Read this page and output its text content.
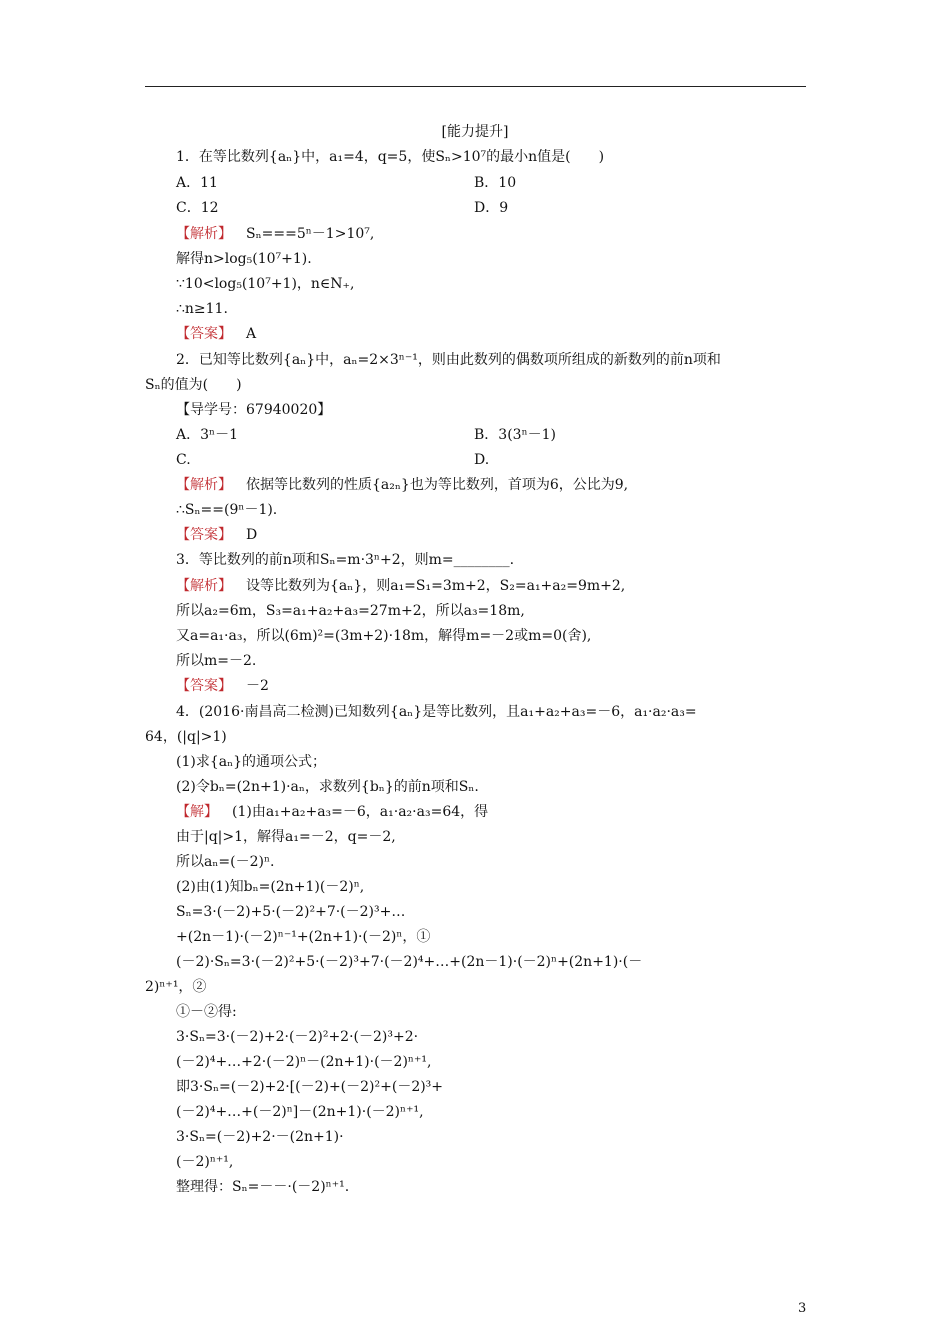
[能力提升]
1．在等比数列{aₙ}中，a₁=4，q=5，使Sₙ>10⁷的最小n值是(　　)
A．11	B．10
C．12	D．9
【解析】 Sₙ===5ⁿ－1>10⁷,
解得n>log₅(10⁷+1).
∵10<log₅(10⁷+1)，n∈N₊,
∴n≥11.
【答案】 A
2．已知等比数列{aₙ}中，aₙ=2×3ⁿ⁻¹，则由此数列的偶数项所组成的新数列的前n项和
Sₙ的值为(　　)
【导学号：67940020】
A．3ⁿ－1	B．3(3ⁿ－1)
C.	D.
【解析】 依据等比数列的性质{a₂ₙ}也为等比数列，首项为6，公比为9,
∴Sₙ==(9ⁿ－1).
【答案】 D
3．等比数列的前n项和Sₙ=m·3ⁿ+2，则m=________.
【解析】 设等比数列为{aₙ}，则a₁=S₁=3m+2，S₂=a₁+a₂=9m+2,
所以a₂=6m，S₃=a₁+a₂+a₃=27m+2，所以a₃=18m,
又a=a₁·a₃，所以(6m)²=(3m+2)·18m，解得m=－2或m=0(舍),
所以m=－2.
【答案】 －2
4．(2016·南昌高二检测)已知数列{aₙ}是等比数列，且a₁+a₂+a₃=－6，a₁·a₂·a₃=
64，(|q|>1)
(1)求{aₙ}的通项公式；
(2)令bₙ=(2n+1)·aₙ，求数列{bₙ}的前n项和Sₙ.
【解】 (1)由a₁+a₂+a₃=－6，a₁·a₂·a₃=64，得
由于|q|>1，解得a₁=－2，q=－2,
所以aₙ=(－2)ⁿ.
(2)由(1)知bₙ=(2n+1)(－2)ⁿ,
Sₙ=3·(－2)+5·(－2)²+7·(－2)³+…
+(2n－1)·(－2)ⁿ⁻¹+(2n+1)·(－2)ⁿ，①
(－2)·Sₙ=3·(－2)²+5·(－2)³+7·(－2)⁴+…+(2n－1)·(－2)ⁿ+(2n+1)·(－
2)ⁿ⁺¹，②
①－②得:
3·Sₙ=3·(－2)+2·(－2)²+2·(－2)³+2·
(－2)⁴+…+2·(－2)ⁿ－(2n+1)·(－2)ⁿ⁺¹,
即3·Sₙ=(－2)+2·[(－2)+(－2)²+(－2)³+
(－2)⁴+…+(－2)ⁿ]－(2n+1)·(－2)ⁿ⁺¹,
3·Sₙ=(－2)+2·－(2n+1)·
(－2)ⁿ⁺¹,
整理得：Sₙ=－－·(－2)ⁿ⁺¹.
3
